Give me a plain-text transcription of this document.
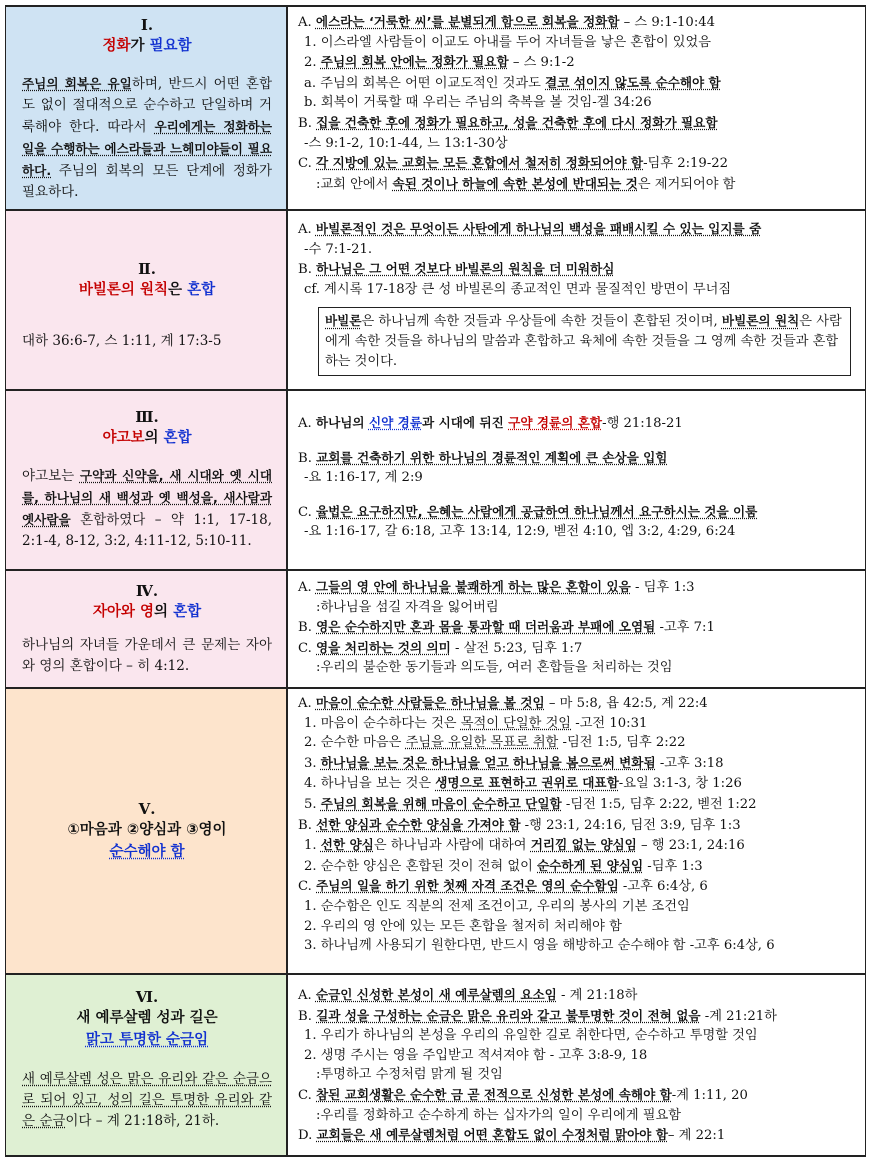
Ⅰ.
정화가 필요함
주님의 회복은 유일하며, 반드시 어떤 혼합도 없이 절대적으로 순수하고 단일하며 거룩해야 한다. 따라서 우리에게는 정화하는 일을 수행하는 에스라들과 느헤미야들이 필요하다. 주님의 회복의 모든 단계에 정화가 필요하다.
A. 에스라는 ‘거룩한 씨’를 분별되게 함으로 회복을 정화함 – 스 9:1-10:44
1. 이스라엘 사람들이 이교도 아내를 두어 자녀들을 낳은 혼합이 있었음
2. 주님의 회복 안에는 정화가 필요함 – 스 9:1-2
a. 주님의 회복은 어떤 이교도적인 것과도 결코 섞이지 않도록 순수해야 함
b. 회복이 거룩할 때 우리는 주님의 축복을 볼 것임-겔 34:26
B. 집을 건축한 후에 정화가 필요하고, 성을 건축한 후에 다시 정화가 필요함
-스 9:1-2, 10:1-44, 느 13:1-30상
C. 각 지방에 있는 교회는 모든 혼합에서 철저히 정화되어야 함-딤후 2:19-22
:교회 안에서 속된 것이나 하늘에 속한 본성에 반대되는 것은 제거되어야 함
Ⅱ.
바빌론의 원칙은 혼합
대하 36:6-7, 스 1:11, 계 17:3-5
A. 바빌론적인 것은 무엇이든 사탄에게 하나님의 백성을 패배시킬 수 있는 입지를 줌
-수 7:1-21.
B. 하나님은 그 어떤 것보다 바빌론의 원칙을 더 미워하심
cf. 계시록 17-18장 큰 성 바빌론의 종교적인 면과 물질적인 방면이 무너짐
바빌론은 하나님께 속한 것들과 우상들에 속한 것들이 혼합된 것이며, 바빌론의 원칙은 사람에게 속한 것들을 하나님의 말씀과 혼합하고 육체에 속한 것들을 그 영께 속한 것들과 혼합하는 것이다.
Ⅲ.
야고보의 혼합
야고보는 구약과 신약을, 새 시대와 옛 시대를, 하나님의 새 백성과 옛 백성을, 새사람과 옛사람을 혼합하였다 – 약 1:1, 17-18, 2:1-4, 8-12, 3:2, 4:11-12, 5:10-11.
A. 하나님의 신약 경륜과 시대에 뒤진 구약 경륜의 혼합-행 21:18-21
B. 교회를 건축하기 위한 하나님의 경륜적인 계획에 큰 손상을 입힘
-요 1:16-17, 계 2:9
C. 율법은 요구하지만, 은혜는 사람에게 공급하여 하나님께서 요구하시는 것을 이룸
-요 1:16-17, 갈 6:18, 고후 13:14, 12:9, 벧전 4:10, 엡 3:2, 4:29, 6:24
Ⅳ.
자아와 영의 혼합
하나님의 자녀들 가운데서 큰 문제는 자아와 영의 혼합이다 – 히 4:12.
A. 그들의 영 안에 하나님을 불쾌하게 하는 많은 혼합이 있음 - 딤후 1:3
:하나님을 섬길 자격을 잃어버림
B. 영은 순수하지만 혼과 몸을 통과할 때 더러움과 부패에 오염됨 -고후 7:1
C. 영을 처리하는 것의 의미 - 살전 5:23, 딤후 1:7
:우리의 불순한 동기들과 의도들, 여러 혼합들을 처리하는 것임
Ⅴ.
①마음과 ②양심과 ③영이
순수해야 함
A. 마음이 순수한 사람들은 하나님을 볼 것임 – 마 5:8, 욥 42:5, 계 22:4
1. 마음이 순수하다는 것은 목적이 단일한 것임 -고전 10:31
2. 순수한 마음은 주님을 유일한 목표로 취함 -딤전 1:5, 딤후 2:22
3. 하나님을 보는 것은 하나님을 얻고 하나님을 봄으로써 변화됨 -고후 3:18
4. 하나님을 보는 것은 생명으로 표현하고 권위로 대표함-요일 3:1-3, 창 1:26
5. 주님의 회복을 위해 마음이 순수하고 단일함 -딤전 1:5, 딤후 2:22, 벧전 1:22
B. 선한 양심과 순수한 양심을 가져야 함 -행 23:1, 24:16, 딤전 3:9, 딤후 1:3
1. 선한 양심은 하나님과 사람에 대하여 거리낌 없는 양심임 – 행 23:1, 24:16
2. 순수한 양심은 혼합된 것이 전혀 없이 순수하게 된 양심임 -딤후 1:3
C. 주님의 일을 하기 위한 첫째 자격 조건은 영의 순수함임 -고후 6:4상, 6
1. 순수함은 인도 직분의 전제 조건이고, 우리의 봉사의 기본 조건임
2. 우리의 영 안에 있는 모든 혼합을 철저히 처리해야 함
3. 하나님께 사용되기 원한다면, 반드시 영을 해방하고 순수해야 함 -고후 6:4상, 6
Ⅵ.
새 예루살렘 성과 길은
맑고 투명한 순금임
새 예루살렘 성은 맑은 유리와 같은 순금으로 되어 있고, 성의 길은 투명한 유리와 같은 순금이다 – 계 21:18하, 21하.
A. 순금인 신성한 본성이 새 예루살렘의 요소임 - 계 21:18하
B. 길과 성을 구성하는 순금은 맑은 유리와 같고 불투명한 것이 전혀 없음 -계 21:21하
1. 우리가 하나님의 본성을 우리의 유일한 길로 취한다면, 순수하고 투명할 것임
2. 생명 주시는 영을 주입받고 적셔져야 함 - 고후 3:8-9, 18
:투명하고 수정처럼 맑게 될 것임
C. 참된 교회생활은 순수한 금 곧 전적으로 신성한 본성에 속해야 함-계 1:11, 20
:우리를 정화하고 순수하게 하는 십자가의 일이 우리에게 필요함
D. 교회들은 새 예루살렘처럼 어떤 혼합도 없이 수정처럼 맑아야 함– 계 22:1
